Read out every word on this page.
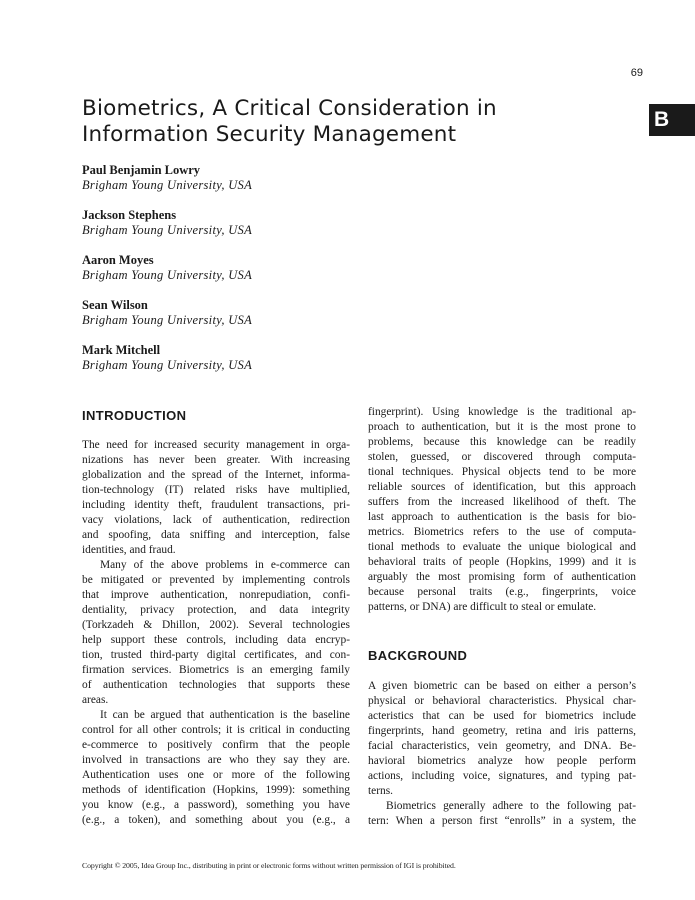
69
B
Biometrics, A Critical Consideration in
Information Security Management
Paul Benjamin Lowry
Brigham Young University, USA
Jackson Stephens
Brigham Young University, USA
Aaron Moyes
Brigham Young University, USA
Sean Wilson
Brigham Young University, USA
Mark Mitchell
Brigham Young University, USA
INTRODUCTION
The need for increased security management in orga-
nizations has never been greater. With increasing
globalization and the spread of the Internet, informa-
tion-technology (IT) related risks have multiplied,
including identity theft, fraudulent transactions, pri-
vacy violations, lack of authentication, redirection
and spoofing, data sniffing and interception, false
identities, and fraud.
Many of the above problems in e-commerce can
be mitigated or prevented by implementing controls
that improve authentication, nonrepudiation, confi-
dentiality, privacy protection, and data integrity
(Torkzadeh & Dhillon, 2002). Several technologies
help support these controls, including data encryp-
tion, trusted third-party digital certificates, and con-
firmation services. Biometrics is an emerging family
of authentication technologies that supports these
areas.
It can be argued that authentication is the baseline
control for all other controls; it is critical in conducting
e-commerce to positively confirm that the people
involved in transactions are who they say they are.
Authentication uses one or more of the following
methods of identification (Hopkins, 1999): something
you know (e.g., a password), something you have
(e.g., a token), and something about you (e.g., a
fingerprint). Using knowledge is the traditional ap-
proach to authentication, but it is the most prone to
problems, because this knowledge can be readily
stolen, guessed, or discovered through computa-
tional techniques. Physical objects tend to be more
reliable sources of identification, but this approach
suffers from the increased likelihood of theft. The
last approach to authentication is the basis for bio-
metrics. Biometrics refers to the use of computa-
tional methods to evaluate the unique biological and
behavioral traits of people (Hopkins, 1999) and it is
arguably the most promising form of authentication
because personal traits (e.g., fingerprints, voice
patterns, or DNA) are difficult to steal or emulate.
BACKGROUND
A given biometric can be based on either a person’s
physical or behavioral characteristics. Physical char-
acteristics that can be used for biometrics include
fingerprints, hand geometry, retina and iris patterns,
facial characteristics, vein geometry, and DNA. Be-
havioral biometrics analyze how people perform
actions, including voice, signatures, and typing pat-
terns.
Biometrics generally adhere to the following pat-
tern: When a person first “enrolls” in a system, the
Copyright © 2005, Idea Group Inc., distributing in print or electronic forms without written permission of IGI is prohibited.
